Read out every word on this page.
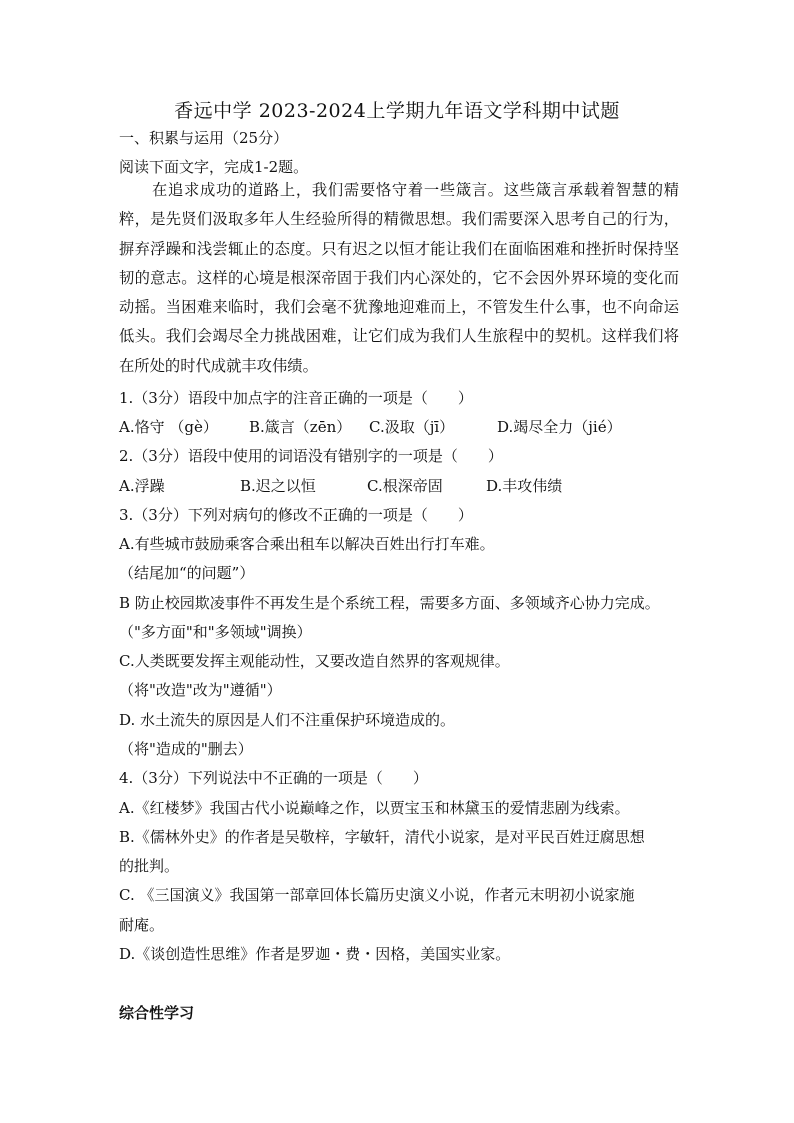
香远中学 2023-2024上学期九年语文学科期中试题
一、积累与运用（25分）
阅读下面文字，完成1-2题。
在追求成功的道路上，我们需要恪守着一些箴言。这些箴言承载着智慧的精粹，是先贤们汲取多年人生经验所得的精微思想。我们需要深入思考自己的行为，摒弃浮躁和浅尝辄止的态度。只有迟之以恒才能让我们在面临困难和挫折时保持坚韧的意志。这样的心境是根深帝固于我们内心深处的，它不会因外界环境的变化而动摇。当困难来临时，我们会毫不犹豫地迎难而上，不管发生什么事，也不向命运低头。我们会竭尽全力挑战困难，让它们成为我们人生旅程中的契机。这样我们将在所处的时代成就丰攻伟绩。
1.（3分）语段中加点字的注音正确的一项是（　　）
A.恪守 （gè） B.箴言（zēn） C.汲取（jī）	D.竭尽全力（jié）
2.（3分）语段中使用的词语没有错别字的一项是（　　）
A.浮躁	B.迟之以恒	C.根深帝固	D.丰攻伟绩
3.（3分）下列对病句的修改不正确的一项是（　　）
A.有些城市鼓励乘客合乘出租车以解决百姓出行打车难。
（结尾加“的问题”）
B 防止校园欺凌事件不再发生是个系统工程，需要多方面、多领域齐心协力完成。
（"多方面"和"多领域"调换）
C.人类既要发挥主观能动性，又要改造自然界的客观规律。
（将"改造"改为"遵循"）
D. 水土流失的原因是人们不注重保护环境造成的。
（将"造成的"删去）
4.（3分）下列说法中不正确的一项是（　　）
A.《红楼梦》我国古代小说巅峰之作，以贾宝玉和林黛玉的爱情悲剧为线索。
B.《儒林外史》的作者是吴敬梓，字敏轩，清代小说家，是对平民百姓迂腐思想
的批判。
C. 《三国演义》我国第一部章回体长篇历史演义小说，作者元末明初小说家施
耐庵。
D.《谈创造性思维》作者是罗迦・费・因格，美国实业家。
综合性学习
